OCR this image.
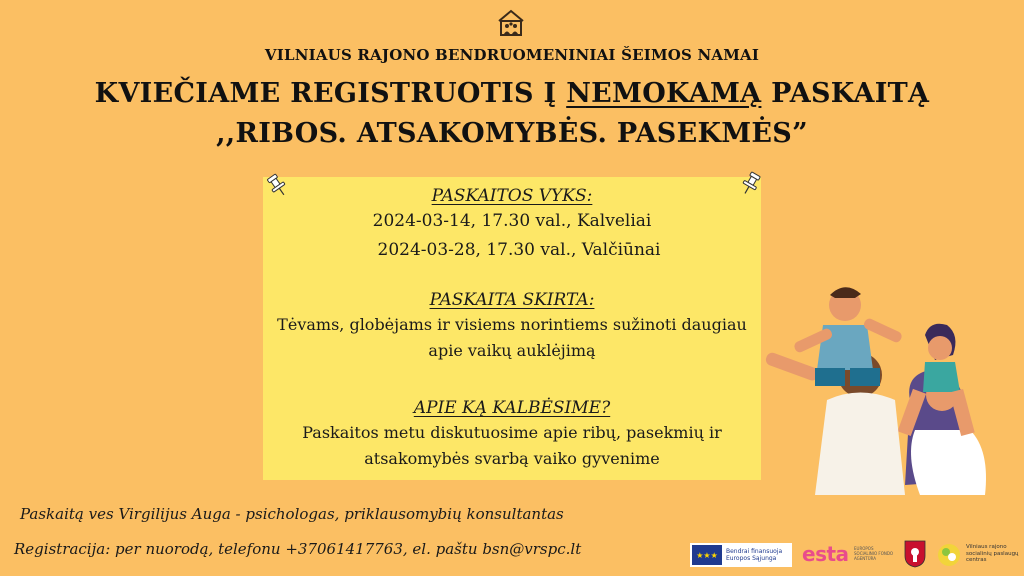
VILNIAUS RAJONO BENDRUOMENINIAI ŠEIMOS NAMAI
KVIEČIAME REGISTRUOTIS Į NEMOKAMĄ PASKAITĄ
,,RIBOS. ATSAKOMYBĖS. PASEKMĖS”
PASKAITOS VYKS:
2024-03-14, 17.30 val., Kalveliai
2024-03-28, 17.30 val., Valčiūnai
PASKAITA SKIRTA:
Tėvams, globėjams ir visiems norintiems sužinoti daugiau
apie vaikų auklėjimą
APIE KĄ KALBĖSIME?
Paskaitos metu diskutuosime apie ribų, pasekmių ir
atsakomybės svarbą vaiko gyvenime
Paskaitą ves Virgilijus Auga - psichologas, priklausomybių konsultantas
Registracija: per nuorodą, telefonu +37061417763, el. paštu bsn@vrspc.lt	★★★	Bendrai finansuoja
Europos Sąjunga esta EUROPOS SOCIALINIO FONDO AGENTŪRA
Vilniaus rajono
socialinių paslaugų
centras
